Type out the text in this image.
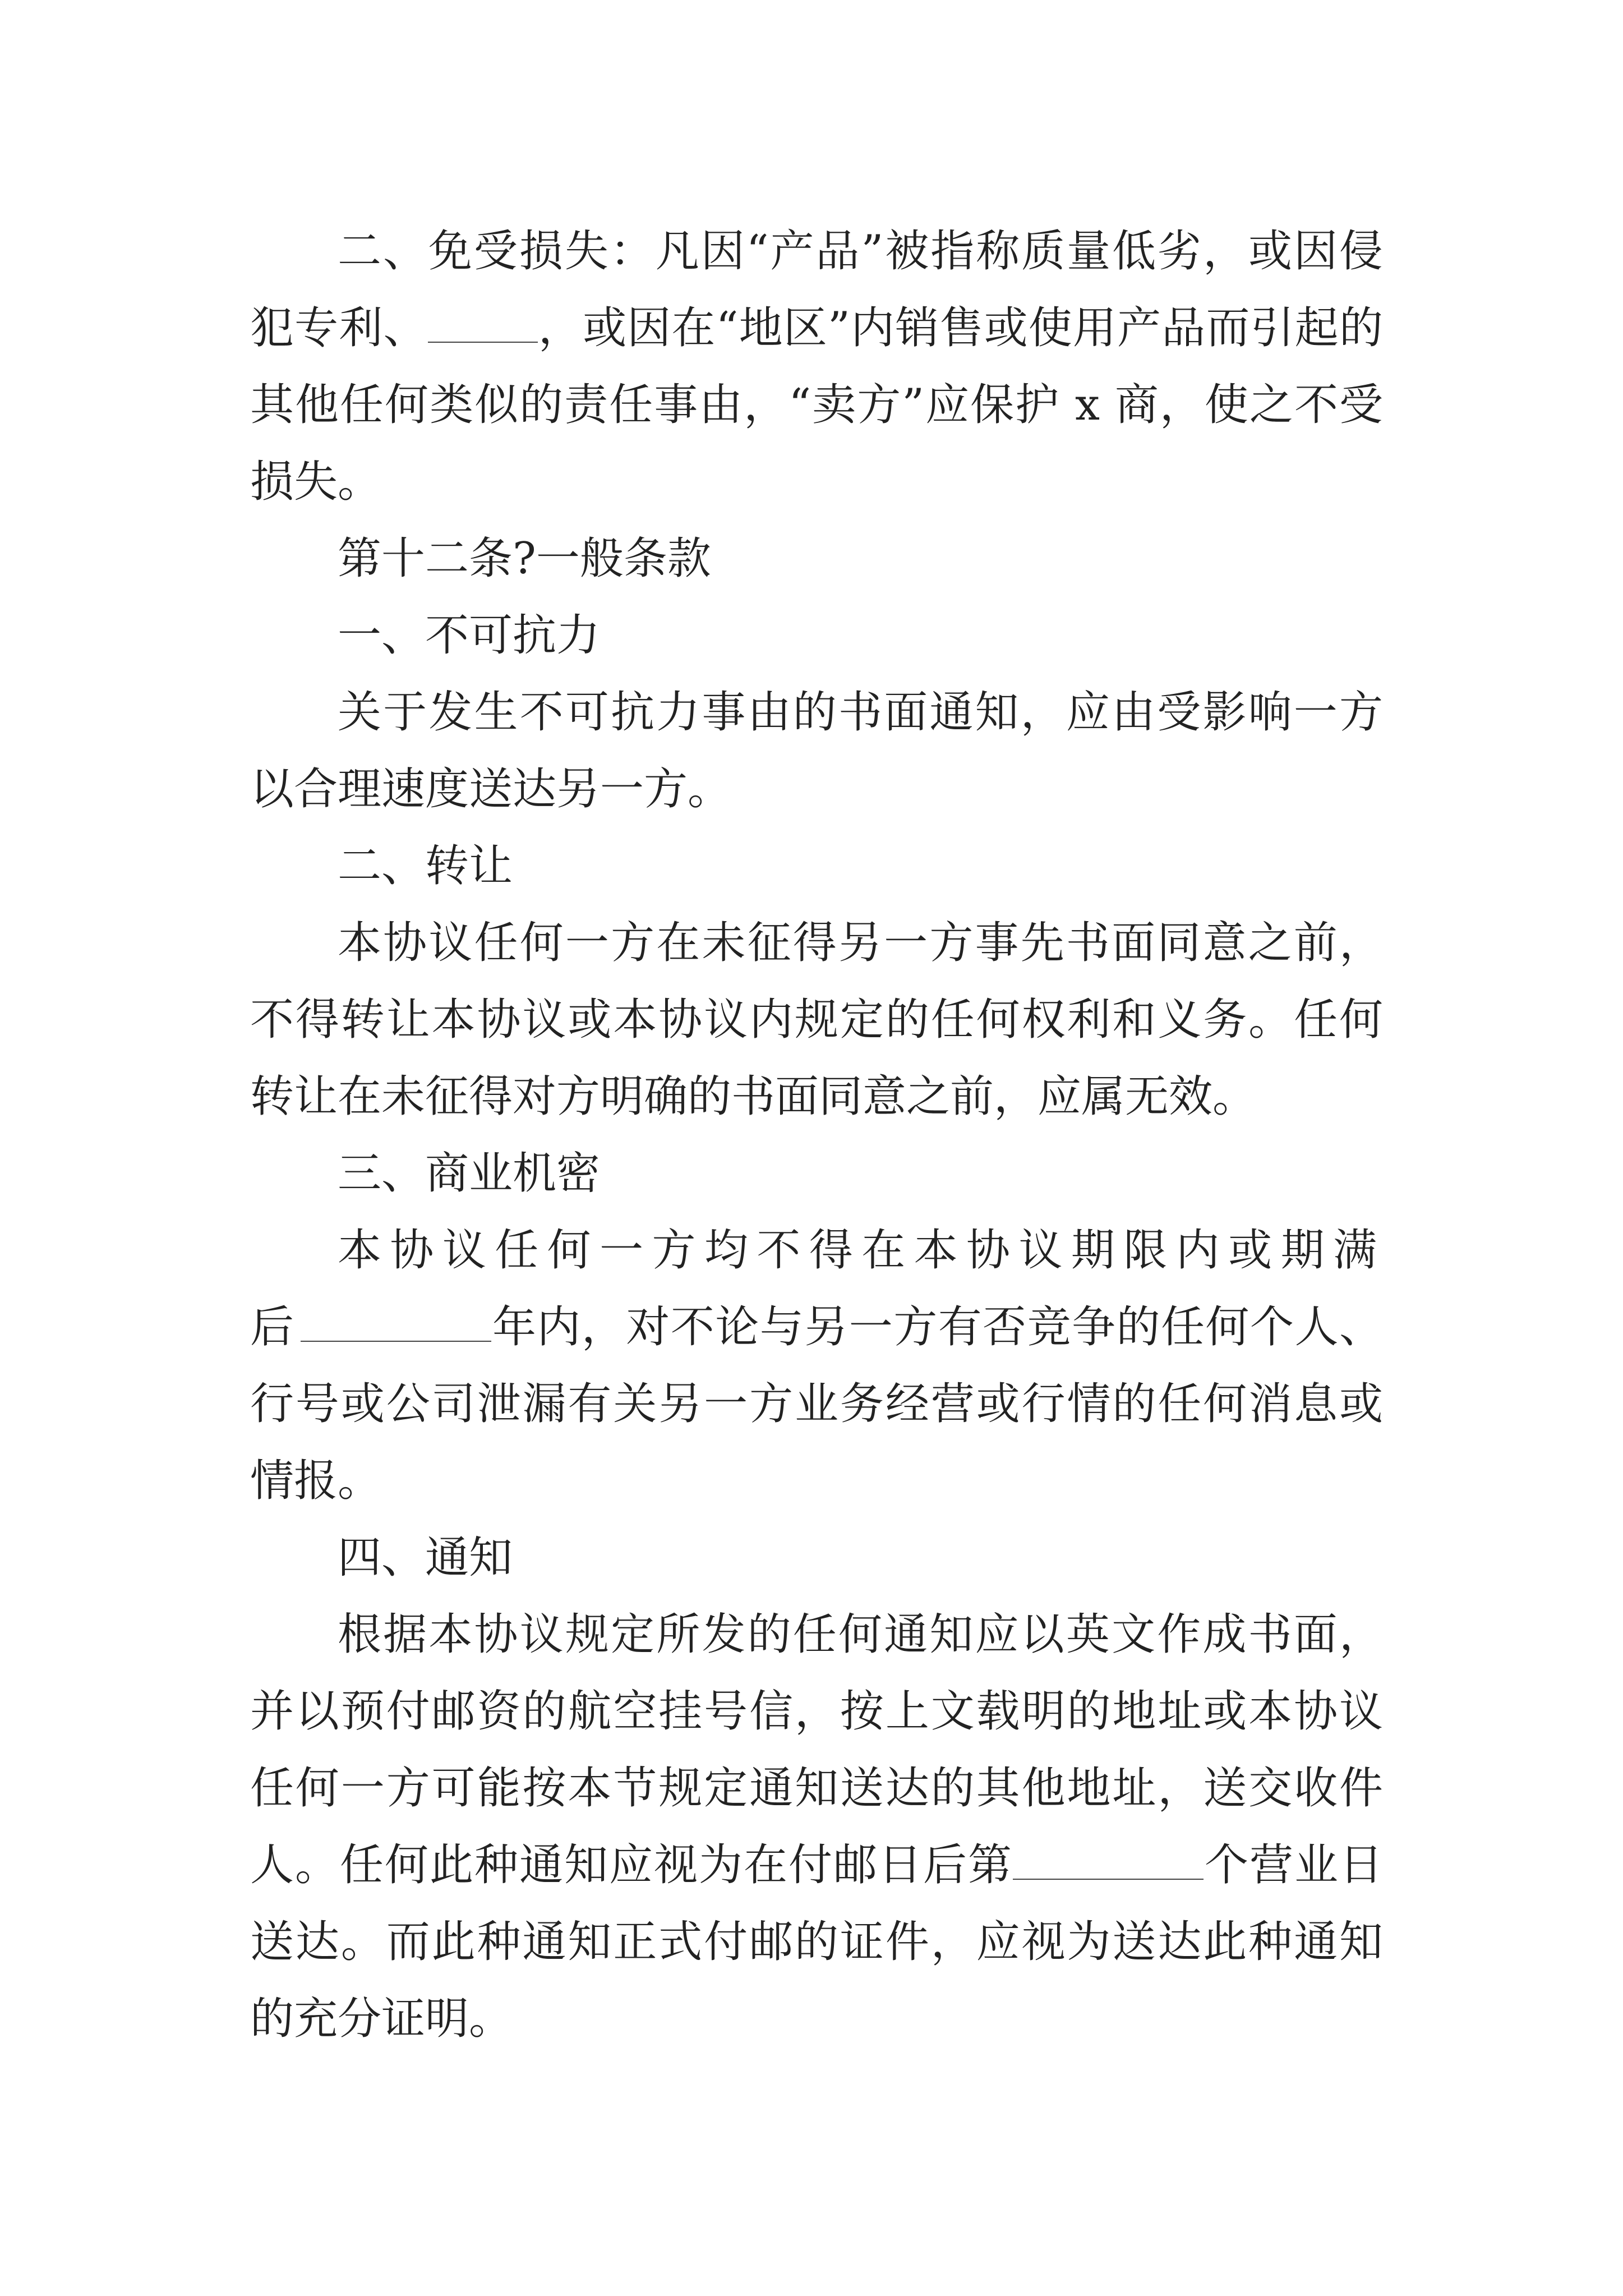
二、免受损失：凡因“产品”被指称质量低劣，或因侵犯专利、	，或因在“地区”内销售或使用产品而引起的其他任何类似的责任事由，“卖方”应保护 x 商，使之不受损失。

第十二条?一般条款

一、不可抗力

关于发生不可抗力事由的书面通知，应由受影响一方以合理速度送达另一方。

二、转让

本协议任何一方在未征得另一方事先书面同意之前，不得转让本协议或本协议内规定的任何权利和义务。任何转让在未征得对方明确的书面同意之前，应属无效。

三、商业机密

本协议任何一方均不得在本协议期限内或期满后	年内，对不论与另一方有否竞争的任何个人、行号或公司泄漏有关另一方业务经营或行情的任何消息或情报。

四、通知

根据本协议规定所发的任何通知应以英文作成书面，并以预付邮资的航空挂号信，按上文载明的地址或本协议任何一方可能按本节规定通知送达的其他地址，送交收件人。任何此种通知应视为在付邮日后第	个营业日送达。而此种通知正式付邮的证件，应视为送达此种通知的充分证明。
